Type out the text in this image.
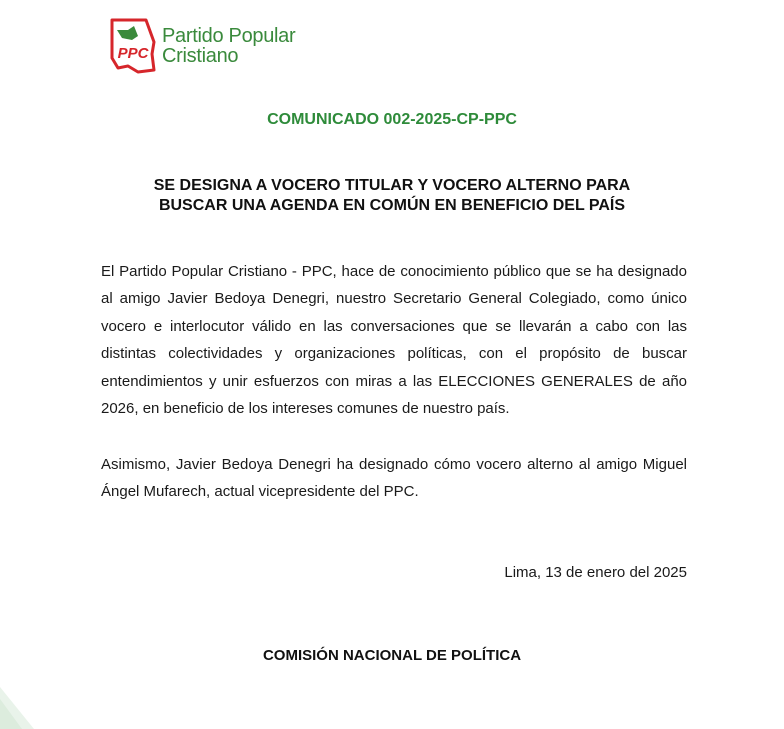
PPC
Partido Popular
Cristiano
COMUNICADO 002-2025-CP-PPC
SE DESIGNA A VOCERO TITULAR Y VOCERO ALTERNO PARA
BUSCAR UNA AGENDA EN COMÚN EN BENEFICIO DEL PAÍS

El Partido Popular Cristiano - PPC, hace de conocimiento público que se ha designado al amigo Javier Bedoya Denegri, nuestro Secretario General Colegiado, como único vocero e interlocutor válido en las conversaciones que se llevarán a cabo con las distintas colectividades y organizaciones políticas, con el propósito de buscar entendimientos y unir esfuerzos con miras a las ELECCIONES GENERALES de año 2026, en beneficio de los intereses comunes de nuestro país.

Asimismo, Javier Bedoya Denegri ha designado cómo vocero alterno al amigo Miguel Ángel Mufarech, actual vicepresidente del PPC.

Lima, 13 de enero del 2025
COMISIÓN NACIONAL DE POLÍTICA
